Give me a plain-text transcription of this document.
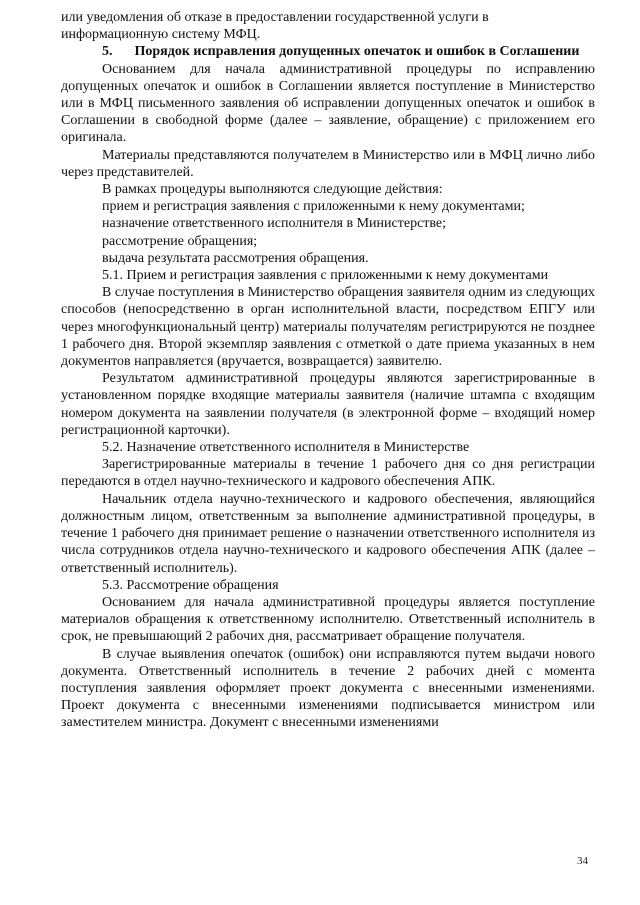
или уведомления об отказе в предоставлении государственной услуги в информационную систему МФЦ.

5. Порядок исправления допущенных опечаток и ошибок в Соглашении

Основанием для начала административной процедуры по исправлению допущенных опечаток и ошибок в Соглашении является поступление в Министерство или в МФЦ письменного заявления об исправлении допущенных опечаток и ошибок в Соглашении в свободной форме (далее – заявление, обращение) с приложением его оригинала.

Материалы представляются получателем в Министерство или в МФЦ лично либо через представителей.

В рамках процедуры выполняются следующие действия:

прием и регистрация заявления с приложенными к нему документами;

назначение ответственного исполнителя в Министерстве;

рассмотрение обращения;

выдача результата рассмотрения обращения.

5.1. Прием и регистрация заявления с приложенными к нему документами

В случае поступления в Министерство обращения заявителя одним из следующих способов (непосредственно в орган исполнительной власти, посредством ЕПГУ или через многофункциональный центр) материалы получателям регистрируются не позднее 1 рабочего дня. Второй экземпляр заявления с отметкой о дате приема указанных в нем документов направляется (вручается, возвращается) заявителю.

Результатом административной процедуры являются зарегистрированные в установленном порядке входящие материалы заявителя (наличие штампа с входящим номером документа на заявлении получателя (в электронной форме – входящий номер регистрационной карточки).

5.2. Назначение ответственного исполнителя в Министерстве

Зарегистрированные материалы в течение 1 рабочего дня со дня регистрации передаются в отдел научно-технического и кадрового обеспечения АПК.

Начальник отдела научно-технического и кадрового обеспечения, являющийся должностным лицом, ответственным за выполнение административной процедуры, в течение 1 рабочего дня принимает решение о назначении ответственного исполнителя из числа сотрудников отдела научно-технического и кадрового обеспечения АПК (далее – ответственный исполнитель).

5.3. Рассмотрение обращения

Основанием для начала административной процедуры является поступление материалов обращения к ответственному исполнителю. Ответственный исполнитель в срок, не превышающий 2 рабочих дня, рассматривает обращение получателя.

В случае выявления опечаток (ошибок) они исправляются путем выдачи нового документа. Ответственный исполнитель в течение 2 рабочих дней с момента поступления заявления оформляет проект документа с внесенными изменениями. Проект документа с внесенными изменениями подписывается министром или заместителем министра. Документ с внесенными изменениями

34
